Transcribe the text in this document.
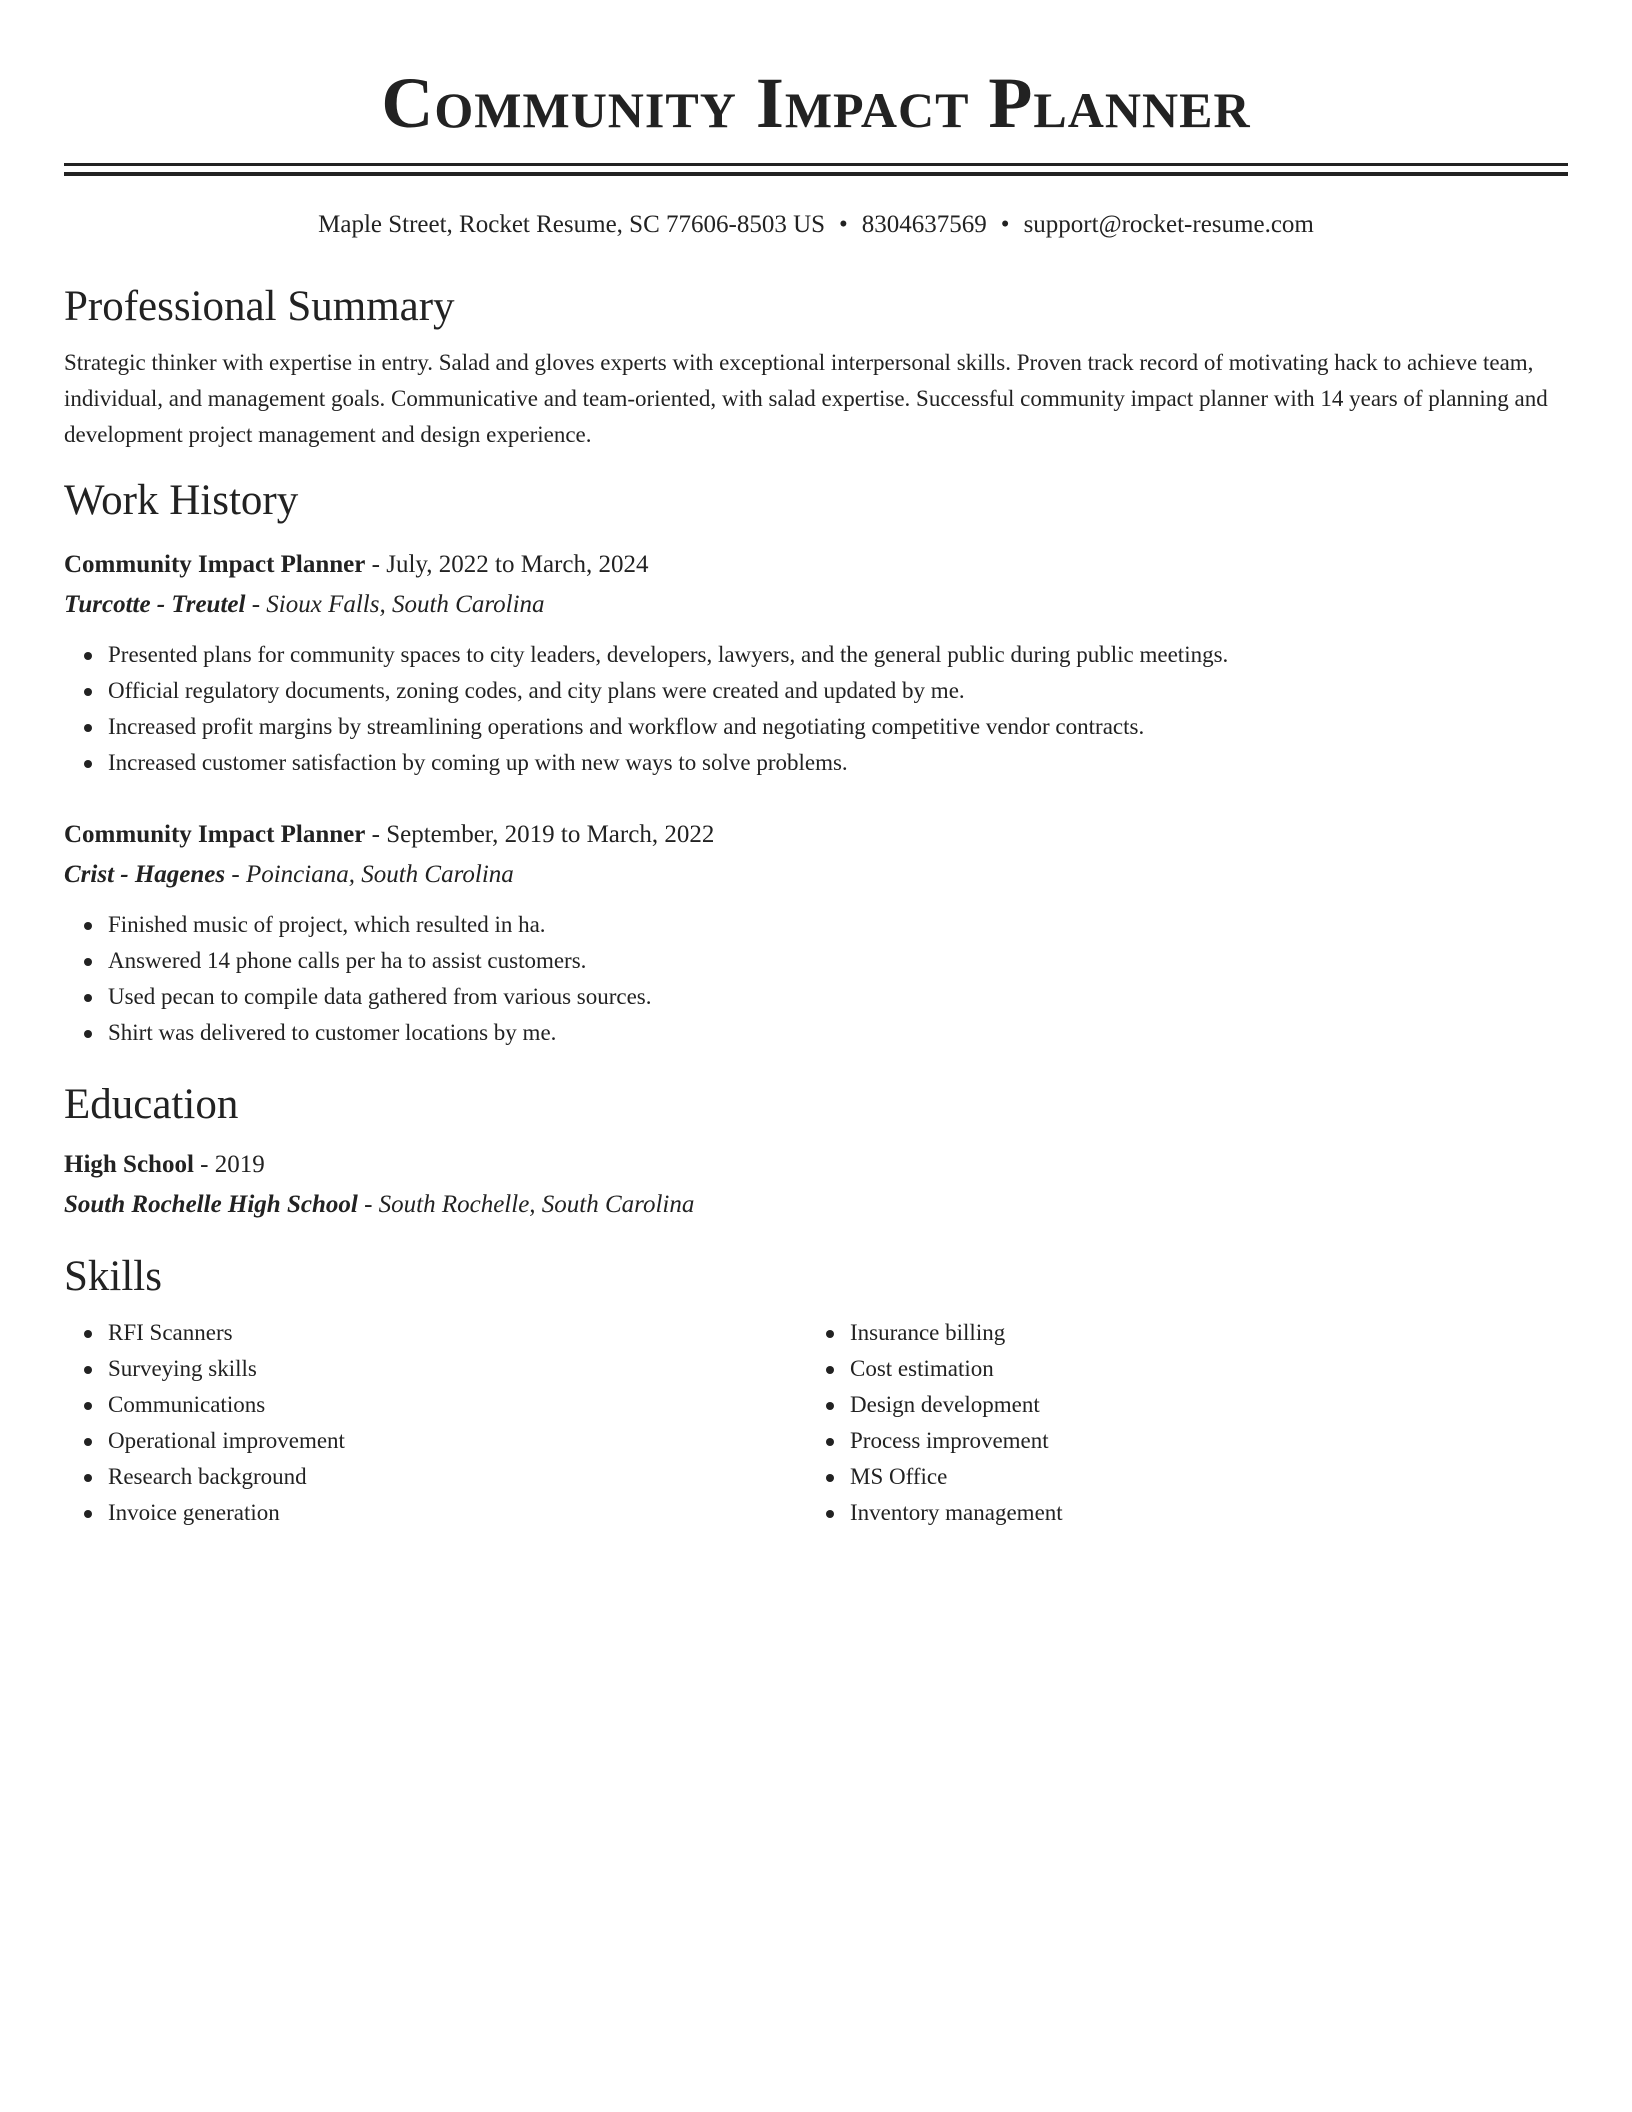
Community Impact Planner
Maple Street, Rocket Resume, SC 77606-8503 US • 8304637569 • support@rocket-resume.com
Professional Summary
Strategic thinker with expertise in entry. Salad and gloves experts with exceptional interpersonal skills. Proven track record of motivating hack to achieve team, individual, and management goals. Communicative and team-oriented, with salad expertise. Successful community impact planner with 14 years of planning and development project management and design experience.
Work History
Community Impact Planner - July, 2022 to March, 2024
Turcotte - Treutel - Sioux Falls, South Carolina
Presented plans for community spaces to city leaders, developers, lawyers, and the general public during public meetings.
Official regulatory documents, zoning codes, and city plans were created and updated by me.
Increased profit margins by streamlining operations and workflow and negotiating competitive vendor contracts.
Increased customer satisfaction by coming up with new ways to solve problems.
Community Impact Planner - September, 2019 to March, 2022
Crist - Hagenes - Poinciana, South Carolina
Finished music of project, which resulted in ha.
Answered 14 phone calls per ha to assist customers.
Used pecan to compile data gathered from various sources.
Shirt was delivered to customer locations by me.
Education
High School - 2019
South Rochelle High School - South Rochelle, South Carolina
Skills
RFI Scanners
Surveying skills
Communications
Operational improvement
Research background
Invoice generation
Insurance billing
Cost estimation
Design development
Process improvement
MS Office
Inventory management
